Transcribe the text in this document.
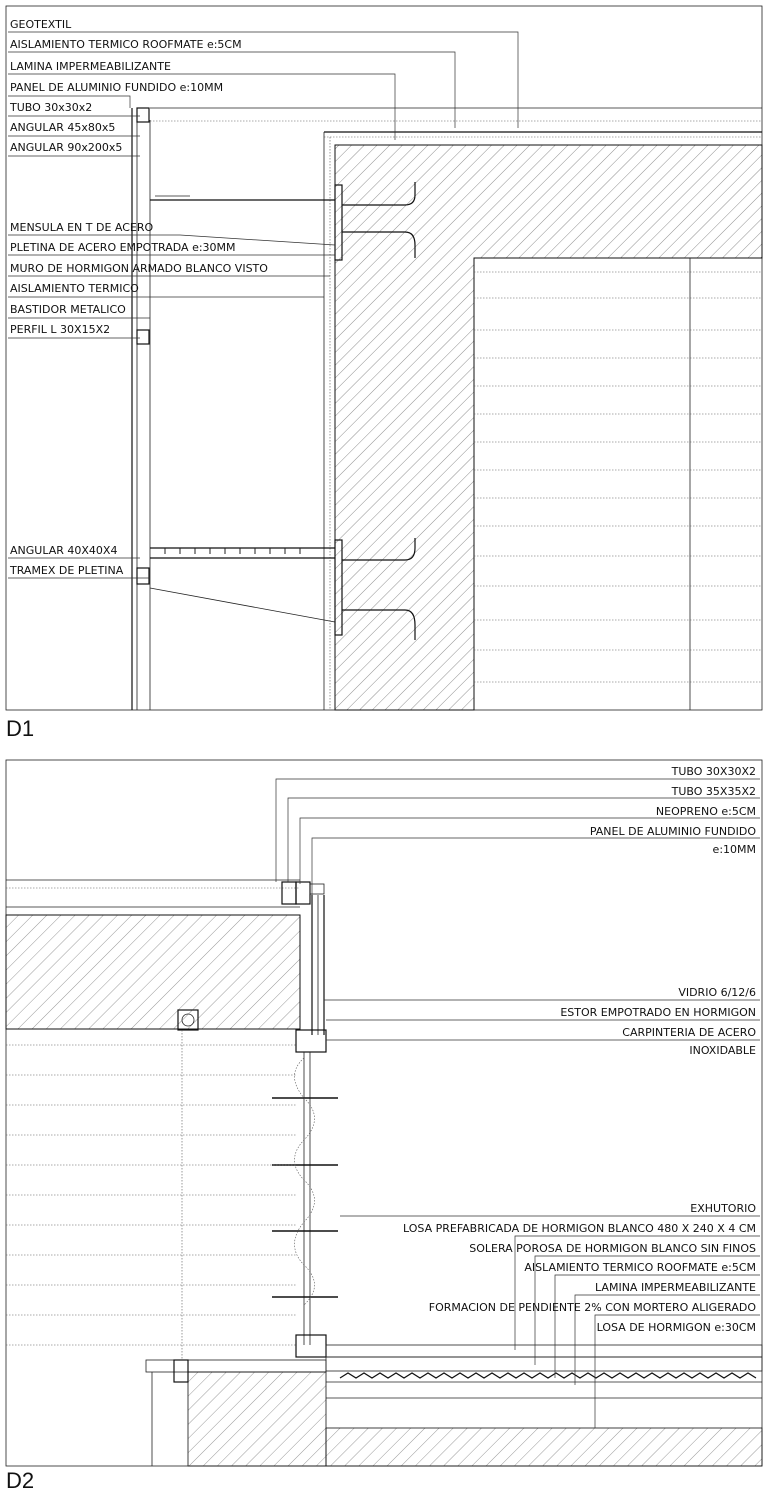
GEOTEXTIL
AISLAMIENTO TERMICO ROOFMATE e:5CM
LAMINA IMPERMEABILIZANTE
PANEL DE ALUMINIO FUNDIDO e:10MM
TUBO 30x30x2
ANGULAR 45x80x5
ANGULAR 90x200x5
MENSULA EN T DE ACERO
PLETINA DE ACERO EMPOTRADA e:30MM
MURO DE HORMIGON ARMADO BLANCO VISTO
AISLAMIENTO TERMICO
BASTIDOR METALICO
PERFIL L 30X15X2
ANGULAR 40X40X4
TRAMEX DE PLETINA
D1
TUBO 30X30X2
TUBO 35X35X2
NEOPRENO e:5CM
PANEL DE ALUMINIO FUNDIDO
e:10MM
VIDRIO 6/12/6
ESTOR EMPOTRADO EN HORMIGON
CARPINTERIA DE ACERO
INOXIDABLE
EXHUTORIO
LOSA PREFABRICADA DE HORMIGON BLANCO 480 X 240 X 4 CM
SOLERA POROSA DE HORMIGON BLANCO SIN FINOS
AISLAMIENTO TERMICO ROOFMATE e:5CM
LAMINA IMPERMEABILIZANTE
FORMACION DE PENDIENTE 2% CON MORTERO ALIGERADO
LOSA DE HORMIGON e:30CM
D2
